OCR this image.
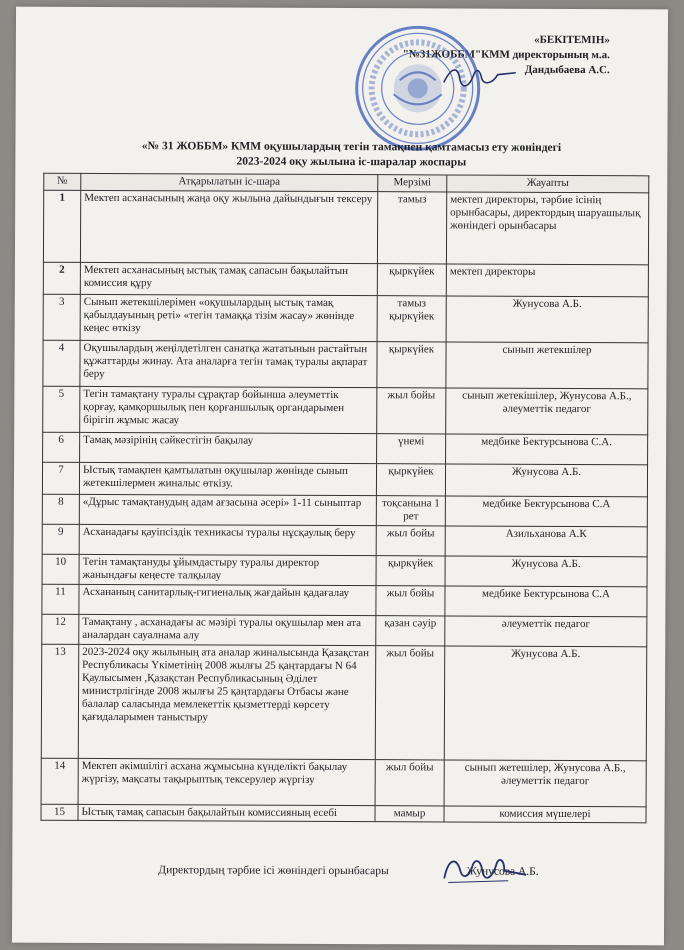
«БЕКІТЕМІН»
"№31ЖОББМ"КММ директорының м.а.
Дандыбаева А.С.
«№ 31 ЖОББМ» КММ оқушылардың тегін тамақпен қамтамасыз ету жөніндегі
2023-2024 оқу жылына іс-шаралар жоспары
№	Атқарылатын іс-шара	Мерзімі	Жауапты
1	Мектеп асханасының жаңа оқу жылына дайындығын тексеру	тамыз	мектеп директоры, тәрбие ісінің орынбасары, директордың шаруашылық жөніндегі орынбасары
2	Мектеп асханасының ыстық тамақ сапасын бақылайтын комиссия құру	қыркүйек	мектеп директоры
3	Сынып жетекшілерімен «оқушылардың ыстық тамақ қабылдауының реті» «тегін тамаққа тізім жасау» жөнінде кеңес өткізу	тамыз қыркүйек	Жунусова А.Б.
4	Оқушылардың жеңілдетілген санатқа жататынын растайтын құжаттарды жинау. Ата аналарға тегін тамақ туралы ақпарат беру	қыркүйек	сынып жетекшілер
5	Тегін тамақтану туралы сұрақтар бойынша әлеуметтік қорғау, қамқоршылық пен қорғаншылық органдарымен бірігіп жұмыс жасау	жыл бойы	сынып жетекішілер, Жунусова А.Б., әлеуметтік педагог
6	Тамақ мәзірінің сәйкестігін бақылау	үнемі	медбике Бектурсынова С.А.
7	Ыстық тамақпен қамтылатын оқушылар жөнінде сынып жетекшілермен жиналыс өткізу.	қыркүйек	Жунусова А.Б.
8	«Дұрыс тамақтанудың адам ағзасына әсері» 1-11 сыныптар	тоқсанына 1 рет	медбике Бектурсынова С.А
9	Асханадағы қауіпсіздік техникасы туралы нұсқаулық беру	жыл бойы	Азильханова А.К
10	Тегін тамақтануды ұйымдастыру туралы директор жанындағы кеңесте талқылау	қыркүйек	Жунусова А.Б.
11	Асхананың санитарлық-гигиеналық жағдайын қадағалау	жыл бойы	медбике Бектурсынова С.А
12	Тамақтану , асханадағы ас мәзірі туралы оқушылар мен ата аналардан сауалнама алу	қазан сәуір	әлеуметтік педагог
13	2023-2024 оқу жылының ата аналар жиналысында Қазақстан Республикасы Үкіметінің 2008 жылғы 25 қаңтардағы N 64 Қаулысымен ,Қазақстан Республикасының Әділет министрлігінде 2008 жылғы 25 қаңтардағы Отбасы және балалар саласында мемлекеттік қызметтерді көрсету қағидаларымен таныстыру	жыл бойы	Жунусова А.Б.
14	Мектеп әкімшілігі асхана жұмысына күнделікті бақылау жүргізу, мақсаты тақырыптық тексерулер жүргізу	жыл бойы	сынып жетешілер, Жунусова А.Б., әлеуметтік педагог
15	Ыстық тамақ сапасын бақылайтын комиссияның есебі	мамыр	комиссия мүшелері
Директордың тәрбие ісі жөніндегі орынбасары	Жунусова А.Б.
